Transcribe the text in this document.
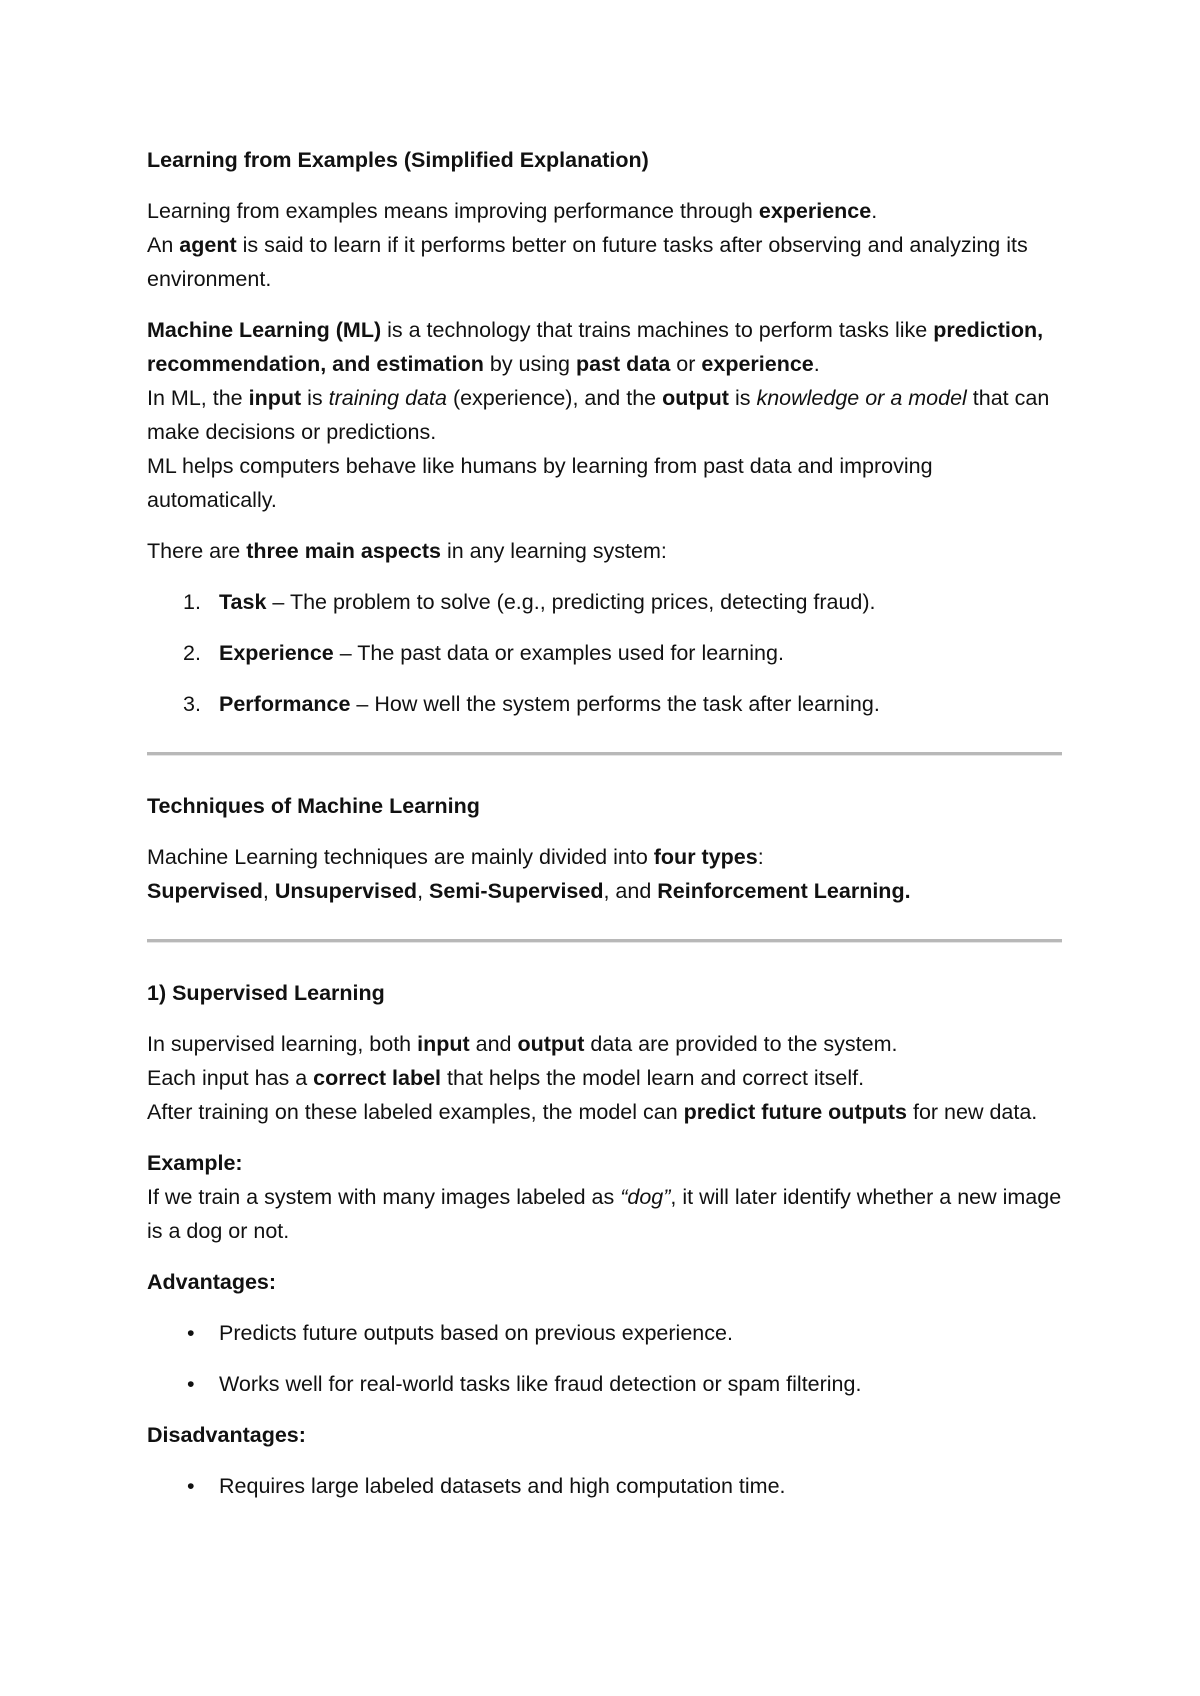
Learning from Examples (Simplified Explanation)
Learning from examples means improving performance through experience.
An agent is said to learn if it performs better on future tasks after observing and analyzing its environment.
Machine Learning (ML) is a technology that trains machines to perform tasks like prediction, recommendation, and estimation by using past data or experience.
In ML, the input is training data (experience), and the output is knowledge or a model that can make decisions or predictions.
ML helps computers behave like humans by learning from past data and improving automatically.
There are three main aspects in any learning system:
1. Task – The problem to solve (e.g., predicting prices, detecting fraud).
2. Experience – The past data or examples used for learning.
3. Performance – How well the system performs the task after learning.
Techniques of Machine Learning
Machine Learning techniques are mainly divided into four types:
Supervised, Unsupervised, Semi-Supervised, and Reinforcement Learning.
1) Supervised Learning
In supervised learning, both input and output data are provided to the system.
Each input has a correct label that helps the model learn and correct itself.
After training on these labeled examples, the model can predict future outputs for new data.
Example:
If we train a system with many images labeled as “dog”, it will later identify whether a new image is a dog or not.
Advantages:
• Predicts future outputs based on previous experience.
• Works well for real-world tasks like fraud detection or spam filtering.
Disadvantages:
• Requires large labeled datasets and high computation time.
